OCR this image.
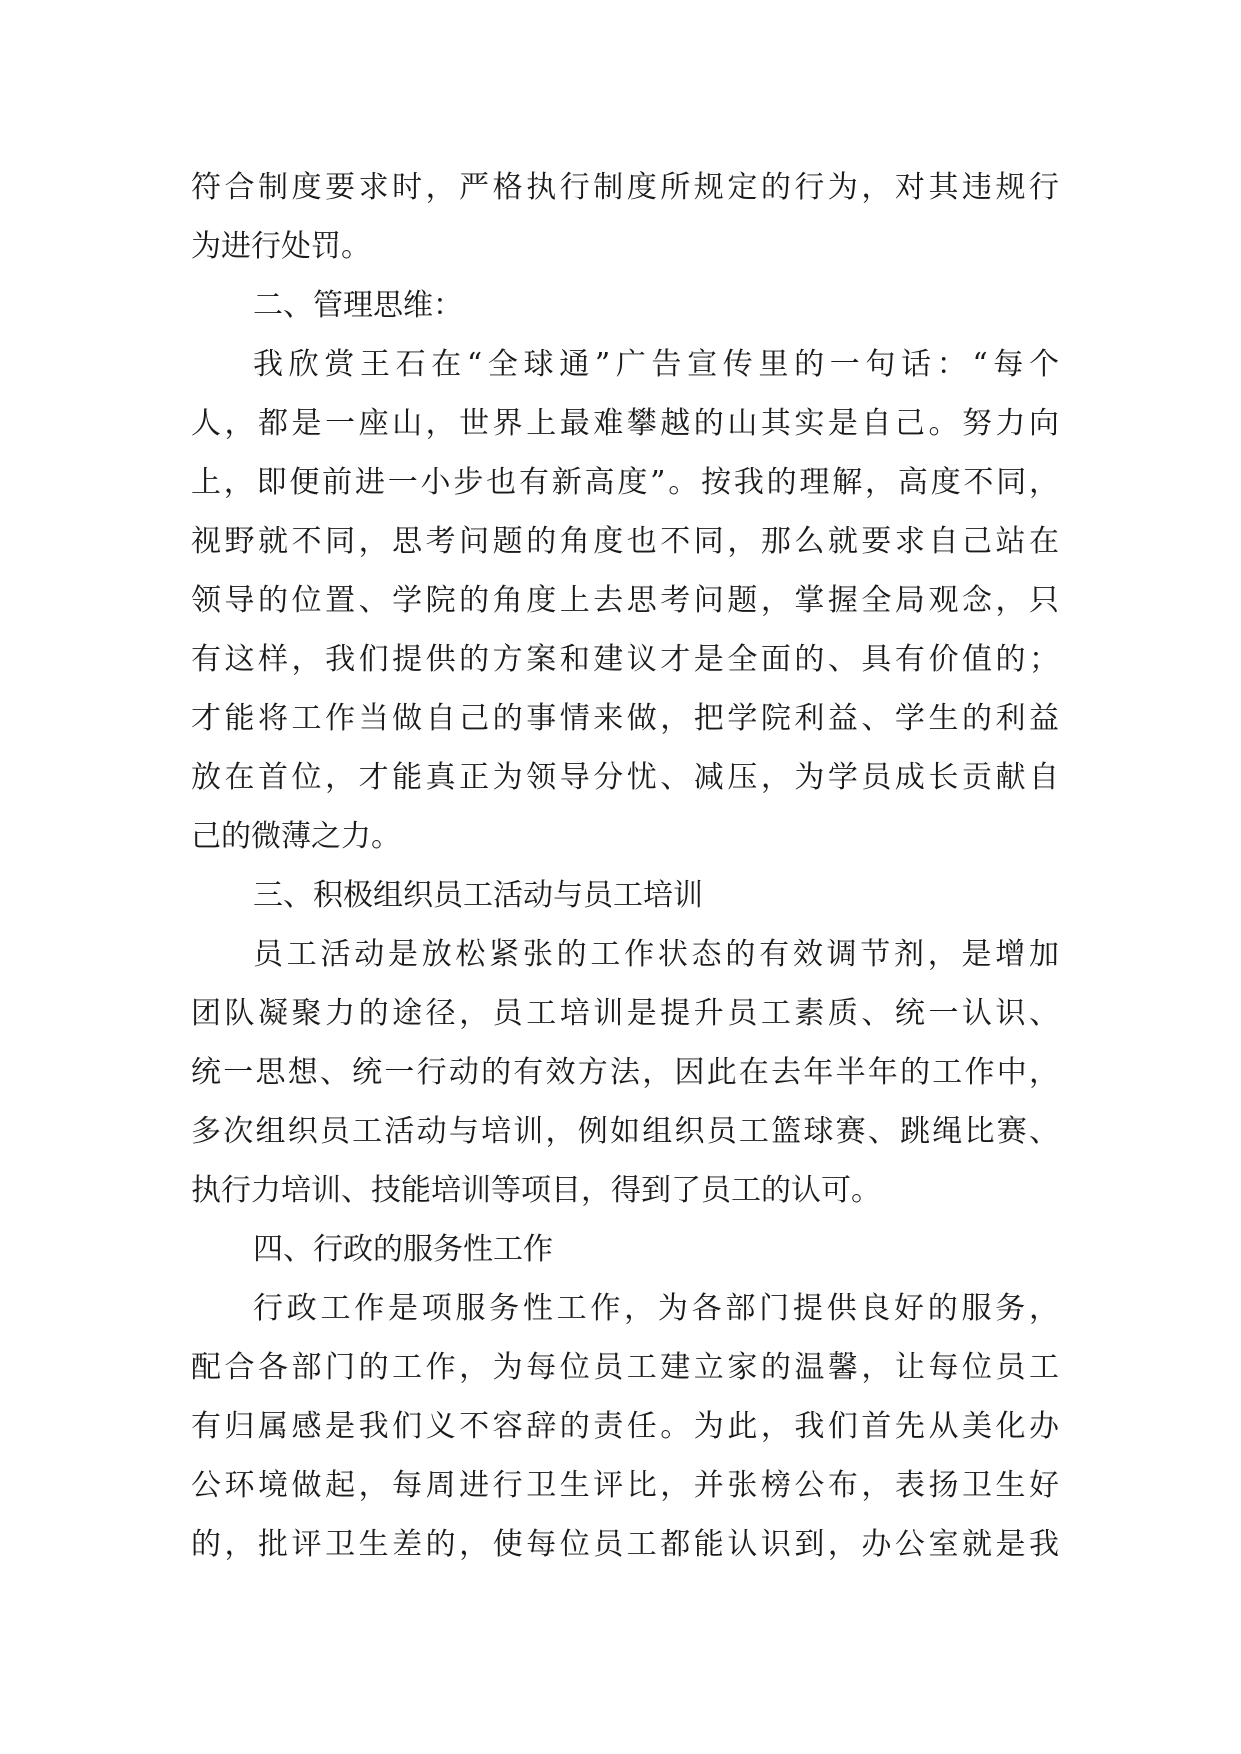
符合制度要求时，严格执行制度所规定的行为，对其违规行
为进行处罚。
二、管理思维：
我欣赏王石在“全球通”广告宣传里的一句话：“每个
人，都是一座山，世界上最难攀越的山其实是自己。努力向
上，即便前进一小步也有新高度”。按我的理解，高度不同，
视野就不同，思考问题的角度也不同，那么就要求自己站在
领导的位置、学院的角度上去思考问题，掌握全局观念，只
有这样，我们提供的方案和建议才是全面的、具有价值的；
才能将工作当做自己的事情来做，把学院利益、学生的利益
放在首位，才能真正为领导分忧、减压，为学员成长贡献自
己的微薄之力。
三、积极组织员工活动与员工培训
员工活动是放松紧张的工作状态的有效调节剂，是增加
团队凝聚力的途径，员工培训是提升员工素质、统一认识、
统一思想、统一行动的有效方法，因此在去年半年的工作中，
多次组织员工活动与培训，例如组织员工篮球赛、跳绳比赛、
执行力培训、技能培训等项目，得到了员工的认可。
四、行政的服务性工作
行政工作是项服务性工作，为各部门提供良好的服务，
配合各部门的工作，为每位员工建立家的温馨，让每位员工
有归属感是我们义不容辞的责任。为此，我们首先从美化办
公环境做起，每周进行卫生评比，并张榜公布，表扬卫生好
的，批评卫生差的，使每位员工都能认识到，办公室就是我
